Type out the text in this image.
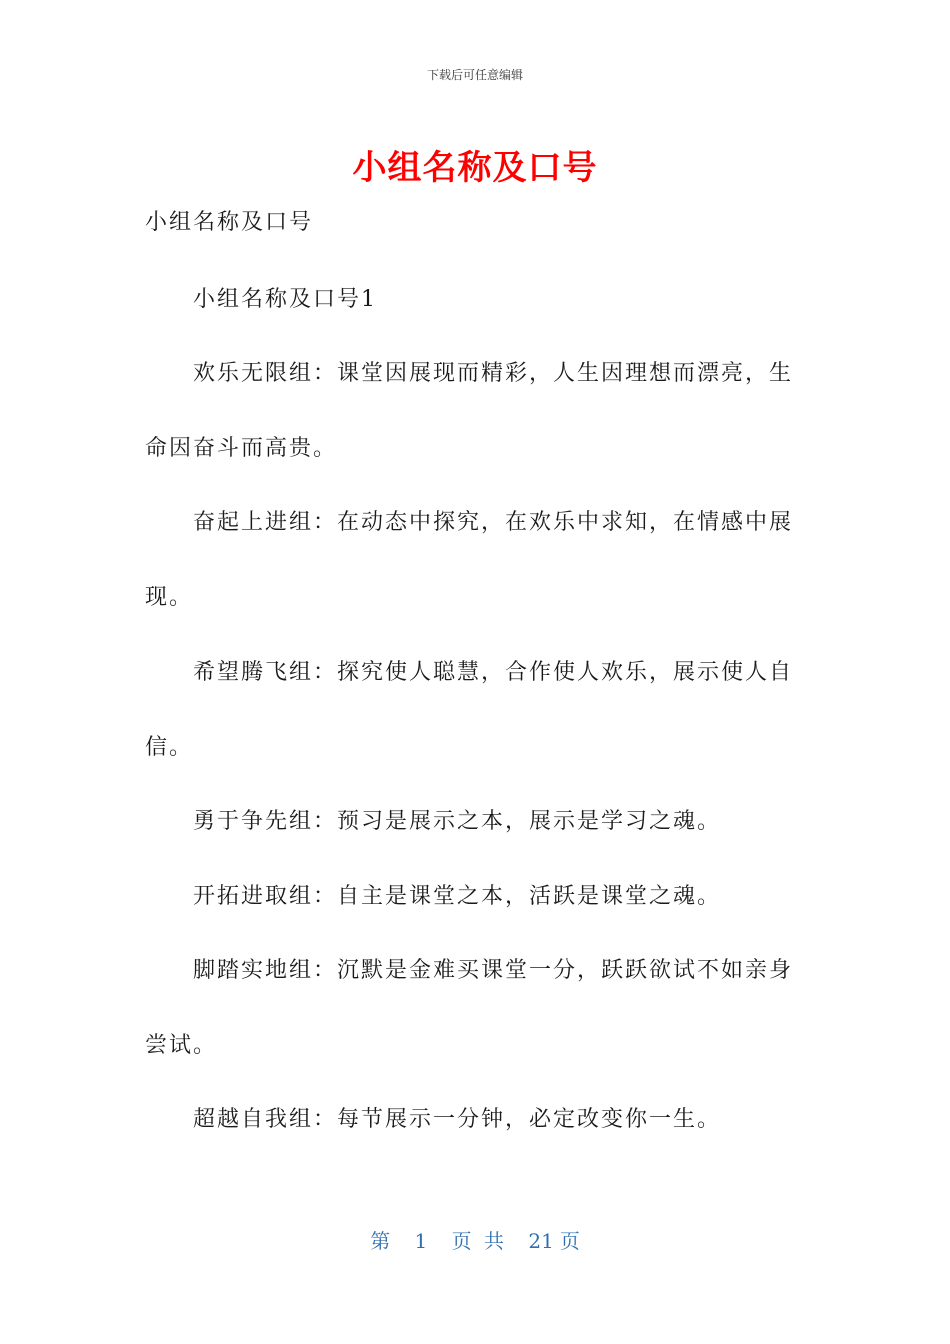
下载后可任意编辑
小组名称及口号
小组名称及口号
小组名称及口号1
欢乐无限组：课堂因展现而精彩，人生因理想而漂亮，生
命因奋斗而高贵。
奋起上进组：在动态中探究，在欢乐中求知，在情感中展
现。
希望腾飞组：探究使人聪慧，合作使人欢乐，展示使人自
信。
勇于争先组：预习是展示之本，展示是学习之魂。
开拓进取组：自主是课堂之本，活跃是课堂之魂。
脚踏实地组：沉默是金难买课堂一分，跃跃欲试不如亲身
尝试。
超越自我组：每节展示一分钟，必定改变你一生。
第 1 页 共 21 页
